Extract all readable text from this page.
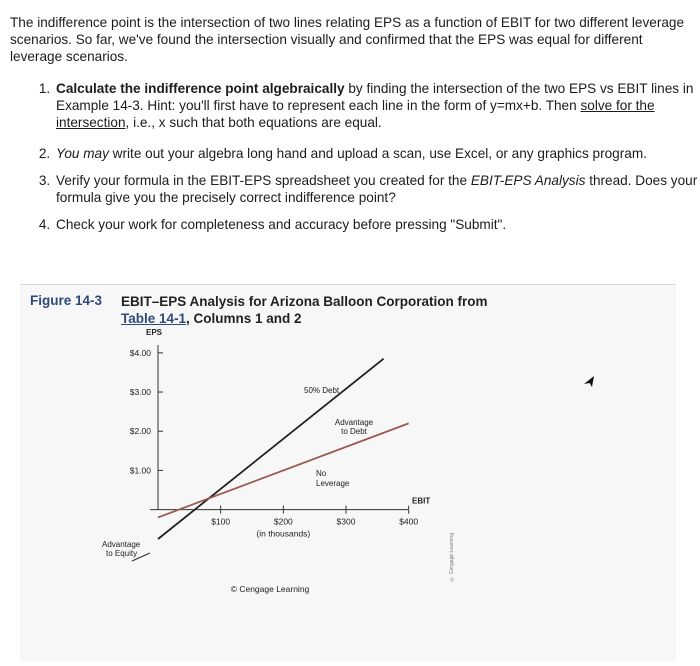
The indifference point is the intersection of two lines relating EPS as a function of EBIT for two different leverage scenarios. So far, we've found the intersection visually and confirmed that the EPS was equal for different leverage scenarios.
1. Calculate the indifference point algebraically by finding the intersection of the two EPS vs EBIT lines in Example 14-3. Hint: you'll first have to represent each line in the form of y=mx+b. Then solve for the intersection, i.e., x such that both equations are equal.
2. You may write out your algebra long hand and upload a scan, use Excel, or any graphics program.
3. Verify your formula in the EBIT-EPS spreadsheet you created for the EBIT-EPS Analysis thread. Does your formula give you the precisely correct indifference point?
4. Check your work for completeness and accuracy before pressing "Submit".
Figure 14-3 EBIT–EPS Analysis for Arizona Balloon Corporation from
Table 14-1, Columns 1 and 2
EPS
EBIT
$4.00
$3.00
$2.00
$1.00
$100	$200	$300	$400
(in thousands)
50% Debt
Advantage
to Debt
No
Leverage
Advantage
to Equity
© Cengage Learning
© Cengage Learning
